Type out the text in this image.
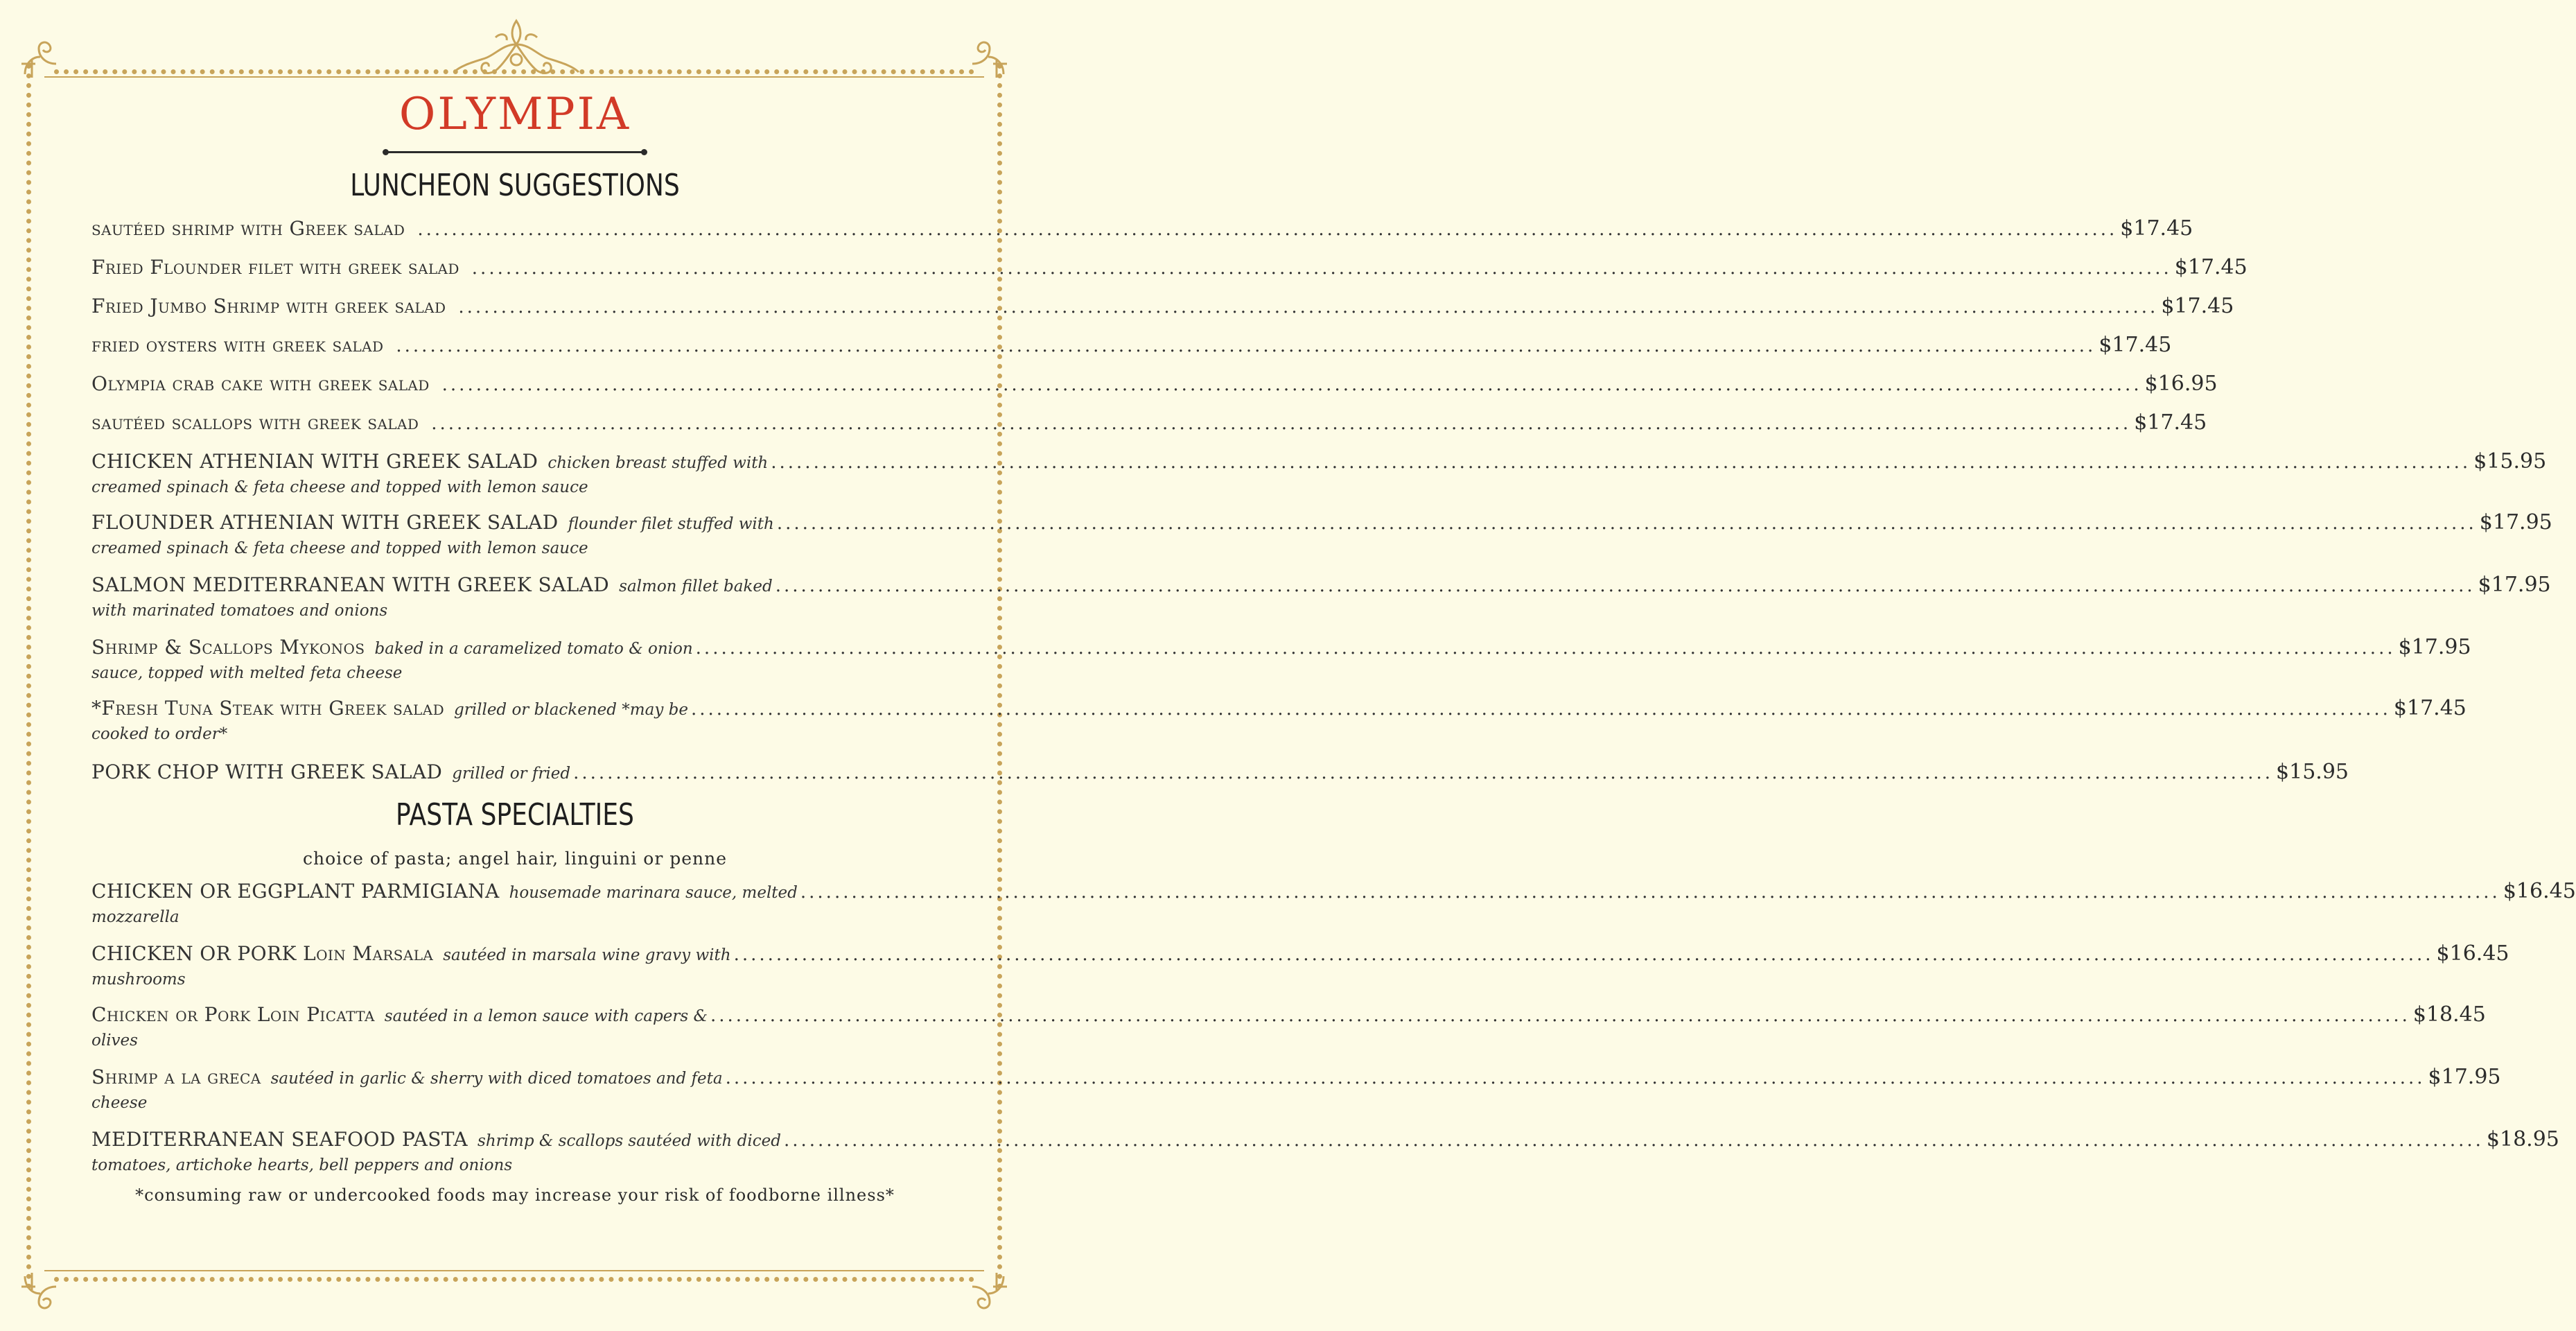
OLYMPIA
LUNCHEON SUGGESTIONS
sautéed shrimp with Greek salad ........................................................................................................................................................................................................ $17.45
Fried Flounder filet with greek salad ........................................................................................................................................................................................................ $17.45
Fried Jumbo Shrimp with greek salad ........................................................................................................................................................................................................ $17.45
fried oysters with greek salad ........................................................................................................................................................................................................ $17.45
Olympia crab cake with greek salad ........................................................................................................................................................................................................ $16.95
sautéed scallops with greek salad ........................................................................................................................................................................................................ $17.45
CHICKEN ATHENIAN WITH GREEK SALAD chicken breast stuffed with ........................................................................................................................................................................................................ $15.95
creamed spinach & feta cheese and topped with lemon sauce
FLOUNDER ATHENIAN WITH GREEK SALAD flounder filet stuffed with ........................................................................................................................................................................................................ $17.95
creamed spinach & feta cheese and topped with lemon sauce
SALMON MEDITERRANEAN WITH GREEK SALAD salmon fillet baked ........................................................................................................................................................................................................ $17.95
with marinated tomatoes and onions
Shrimp & Scallops Mykonos baked in a caramelized tomato & onion ........................................................................................................................................................................................................ $17.95
sauce, topped with melted feta cheese
*Fresh Tuna Steak with Greek salad grilled or blackened *may be ........................................................................................................................................................................................................ $17.45
cooked to order*
PORK CHOP WITH GREEK SALAD grilled or fried ........................................................................................................................................................................................................ $15.95
PASTA SPECIALTIES
choice of pasta; angel hair, linguini or penne
CHICKEN OR EGGPLANT PARMIGIANA housemade marinara sauce, melted ........................................................................................................................................................................................................ $16.45
mozzarella
CHICKEN OR PORK Loin Marsala sautéed in marsala wine gravy with ........................................................................................................................................................................................................ $16.45
mushrooms
Chicken or Pork Loin Picatta sautéed in a lemon sauce with capers & ........................................................................................................................................................................................................ $18.45
olives
Shrimp a la greca sautéed in garlic & sherry with diced tomatoes and feta ........................................................................................................................................................................................................ $17.95
cheese
MEDITERRANEAN SEAFOOD PASTA shrimp & scallops sautéed with diced ........................................................................................................................................................................................................ $18.95
tomatoes, artichoke hearts, bell peppers and onions
*consuming raw or undercooked foods may increase your risk of foodborne illness*
